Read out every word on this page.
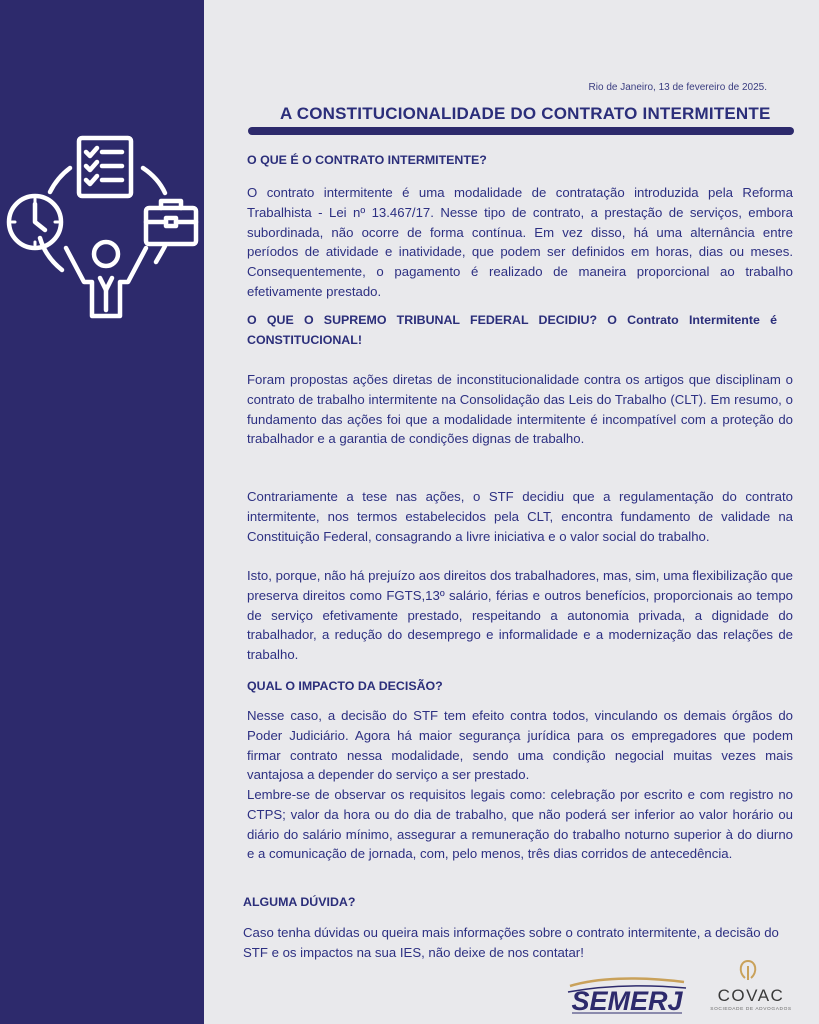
Rio de Janeiro, 13 de fevereiro de 2025.
A CONSTITUCIONALIDADE DO CONTRATO INTERMITENTE
O QUE É O CONTRATO INTERMITENTE?
O contrato intermitente é uma modalidade de contratação introduzida pela Reforma Trabalhista - Lei nº 13.467/17. Nesse tipo de contrato, a prestação de serviços, embora subordinada, não ocorre de forma contínua. Em vez disso, há uma alternância entre períodos de atividade e inatividade, que podem ser definidos em horas, dias ou meses. Consequentemente, o pagamento é realizado de maneira proporcional ao trabalho efetivamente prestado.
O QUE O SUPREMO TRIBUNAL FEDERAL DECIDIU? O Contrato Intermitente é CONSTITUCIONAL!
Foram propostas ações diretas de inconstitucionalidade contra os artigos que disciplinam o contrato de trabalho intermitente na Consolidação das Leis do Trabalho (CLT). Em resumo, o fundamento das ações foi que a modalidade intermitente é incompatível com a proteção do trabalhador e a garantia de condições dignas de trabalho.
Contrariamente a tese nas ações, o STF decidiu que a regulamentação do contrato intermitente, nos termos estabelecidos pela CLT, encontra fundamento de validade na Constituição Federal, consagrando a livre iniciativa e o valor social do trabalho.
Isto, porque, não há prejuízo aos direitos dos trabalhadores, mas, sim, uma flexibilização que preserva direitos como FGTS,13º salário, férias e outros benefícios, proporcionais ao tempo de serviço efetivamente prestado, respeitando a autonomia privada, a dignidade do trabalhador, a redução do desemprego e informalidade e a modernização das relações de trabalho.
QUAL O IMPACTO DA DECISÃO?
Nesse caso, a decisão do STF tem efeito contra todos, vinculando os demais órgãos do Poder Judiciário. Agora há maior segurança jurídica para os empregadores que podem firmar contrato nessa modalidade, sendo uma condição negocial muitas vezes mais vantajosa a depender do serviço a ser prestado.
Lembre-se de observar os requisitos legais como: celebração por escrito e com registro no CTPS; valor da hora ou do dia de trabalho, que não poderá ser inferior ao valor horário ou diário do salário mínimo, assegurar a remuneração do trabalho noturno superior à do diurno e a comunicação de jornada, com, pelo menos, três dias corridos de antecedência.
ALGUMA DÚVIDA?
Caso tenha dúvidas ou queira mais informações sobre o contrato intermitente, a decisão do STF e os impactos na sua IES, não deixe de nos contatar!
SEMERJ COVAC
SOCIEDADE DE ADVOGADOS
